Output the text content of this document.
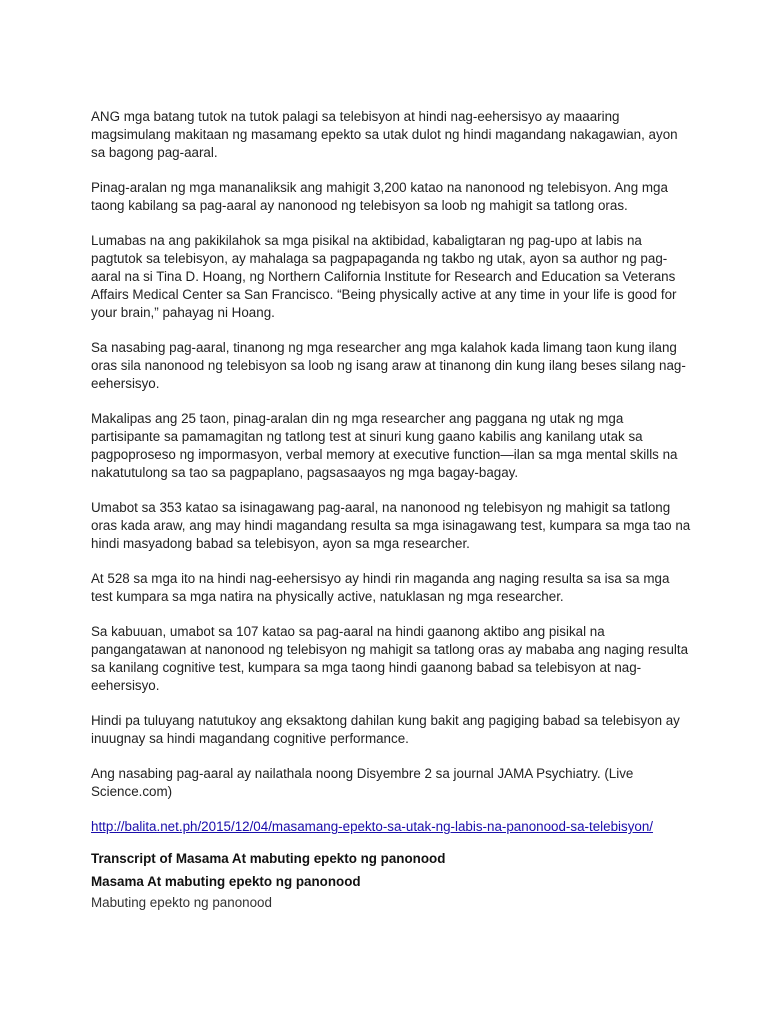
ANG mga batang tutok na tutok palagi sa telebisyon at hindi nag-eehersisyo ay maaaring magsimulang makitaan ng masamang epekto sa utak dulot ng hindi magandang nakagawian, ayon sa bagong pag-aaral.

Pinag-aralan ng mga mananaliksik ang mahigit 3,200 katao na nanonood ng telebisyon. Ang mga taong kabilang sa pag-aaral ay nanonood ng telebisyon sa loob ng mahigit sa tatlong oras.

Lumabas na ang pakikilahok sa mga pisikal na aktibidad, kabaligtaran ng pag-upo at labis na pagtutok sa telebisyon, ay mahalaga sa pagpapaganda ng takbo ng utak, ayon sa author ng pag-aaral na si Tina D. Hoang, ng Northern California Institute for Research and Education sa Veterans Affairs Medical Center sa San Francisco. “Being physically active at any time in your life is good for your brain,” pahayag ni Hoang.

Sa nasabing pag-aaral, tinanong ng mga researcher ang mga kalahok kada limang taon kung ilang oras sila nanonood ng telebisyon sa loob ng isang araw at tinanong din kung ilang beses silang nag-eehersisyo.

Makalipas ang 25 taon, pinag-aralan din ng mga researcher ang paggana ng utak ng mga partisipante sa pamamagitan ng tatlong test at sinuri kung gaano kabilis ang kanilang utak sa pagpoproseso ng impormasyon, verbal memory at executive function—ilan sa mga mental skills na nakatutulong sa tao sa pagpaplano, pagsasaayos ng mga bagay-bagay.

Umabot sa 353 katao sa isinagawang pag-aaral, na nanonood ng telebisyon ng mahigit sa tatlong oras kada araw, ang may hindi magandang resulta sa mga isinagawang test, kumpara sa mga tao na hindi masyadong babad sa telebisyon, ayon sa mga researcher.

At 528 sa mga ito na hindi nag-eehersisyo ay hindi rin maganda ang naging resulta sa isa sa mga test kumpara sa mga natira na physically active, natuklasan ng mga researcher.

Sa kabuuan, umabot sa 107 katao sa pag-aaral na hindi gaanong aktibo ang pisikal na pangangatawan at nanonood ng telebisyon ng mahigit sa tatlong oras ay mababa ang naging resulta sa kanilang cognitive test, kumpara sa mga taong hindi gaanong babad sa telebisyon at nag-eehersisyo.

Hindi pa tuluyang natutukoy ang eksaktong dahilan kung bakit ang pagiging babad sa telebisyon ay inuugnay sa hindi magandang cognitive performance.

Ang nasabing pag-aaral ay nailathala noong Disyembre 2 sa journal JAMA Psychiatry. (Live Science.com)

http://balita.net.ph/2015/12/04/masamang-epekto-sa-utak-ng-labis-na-panonood-sa-telebisyon/

Transcript of Masama At mabuting epekto ng panonood
Masama At mabuting epekto ng panonood
Mabuting epekto ng panonood
